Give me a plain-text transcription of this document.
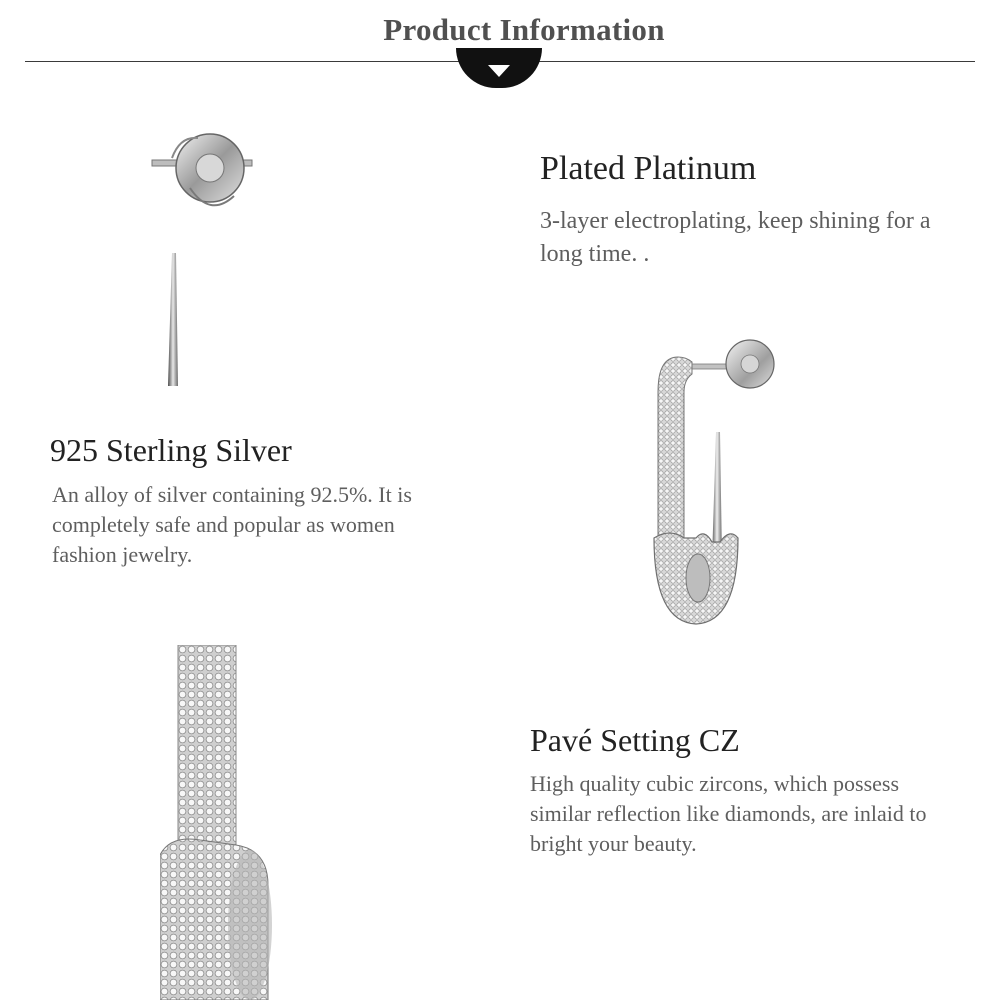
Product Information
Plated Platinum
3-layer electroplating, keep shining for a long time. .
925 Sterling Silver
An alloy of silver containing 92.5%. It is completely safe and popular as women fashion jewelry.
Pavé Setting CZ
High quality cubic zircons, which possess similar reflection like diamonds, are inlaid to bright your beauty.
